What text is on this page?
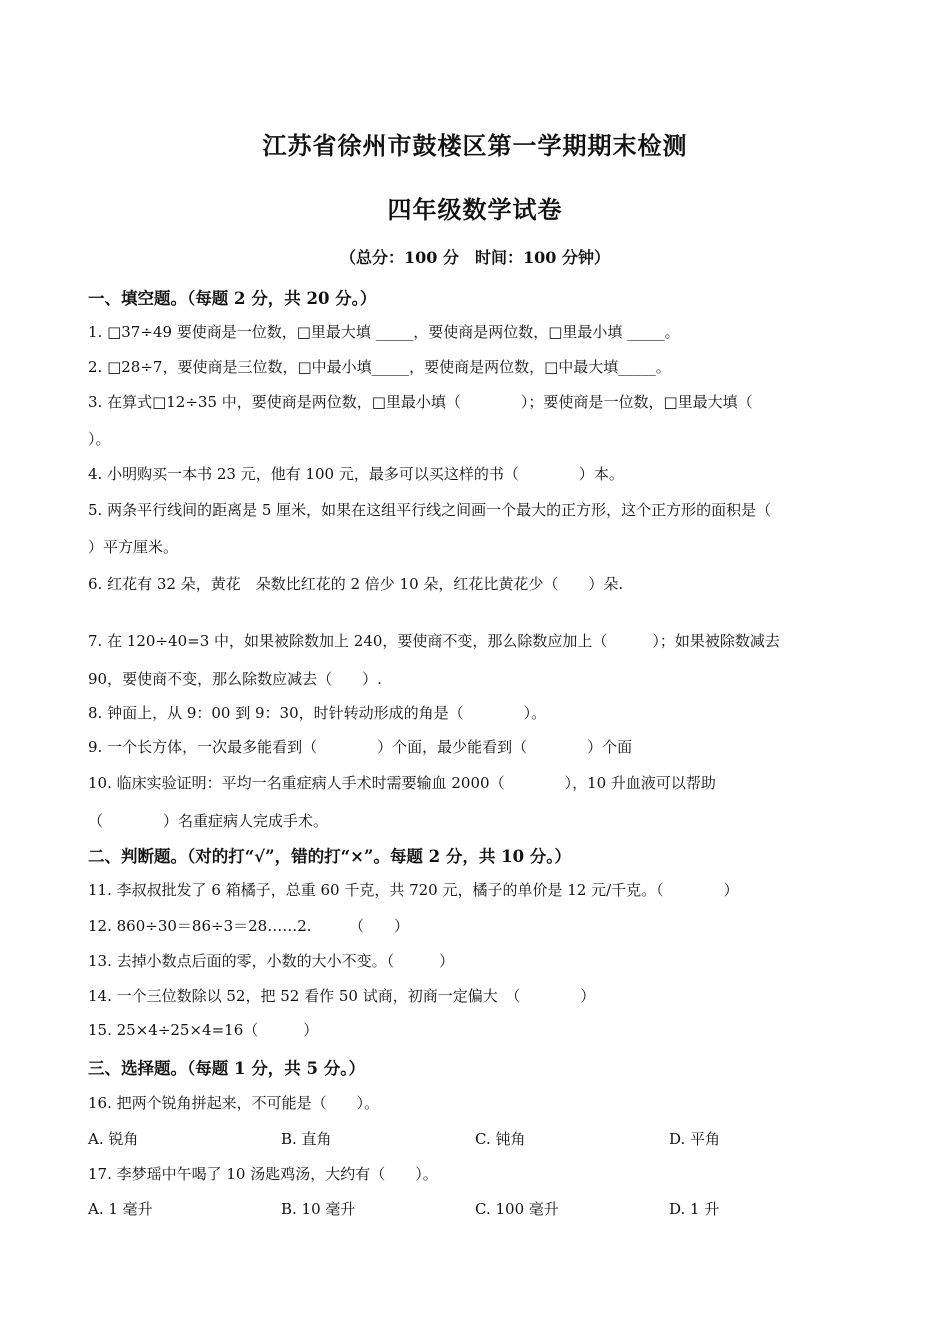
江苏省徐州市鼓楼区第一学期期末检测
四年级数学试卷
（总分：100 分　时间：100 分钟）
一、填空题。（每题 2 分，共 20 分。）
1. □37÷49 要使商是一位数，□里最大填 _____，要使商是两位数，□里最小填 _____。
2. □28÷7，要使商是三位数，□中最小填_____，要使商是两位数，□中最大填_____。
3. 在算式□12÷35 中，要使商是两位数，□里最小填（　　　　）；要使商是一位数，□里最大填（
）。
4. 小明购买一本书 23 元，他有 100 元，最多可以买这样的书（　　　　）本。
5. 两条平行线间的距离是 5 厘米，如果在这组平行线之间画一个最大的正方形，这个正方形的面积是（
）平方厘米。
6. 红花有 32 朵，黄花　朵数比红花的 2 倍少 10 朵，红花比黄花少（　　）朵.
7. 在 120÷40=3 中，如果被除数加上 240，要使商不变，那么除数应加上（　　　）；如果被除数减去
90，要使商不变，那么除数应减去（　　）.
8. 钟面上，从 9：00 到 9：30，时针转动形成的角是（　　　　）。
9. 一个长方体，一次最多能看到（　　　　）个面，最少能看到（　　　　）个面
10. 临床实验证明：平均一名重症病人手术时需要输血 2000（　　　　），10 升血液可以帮助
（　　　　）名重症病人完成手术。
二、判断题。（对的打“√”，错的打“×”。每题 2 分，共 10 分。）
11. 李叔叔批发了 6 箱橘子，总重 60 千克，共 720 元，橘子的单价是 12 元/千克。（　　　　）
12. 860÷30＝86÷3＝28……2.　　　（　　）
13. 去掉小数点后面的零，小数的大小不变。（　　　）
14. 一个三位数除以 52，把 52 看作 50 试商，初商一定偏大　（　　　　）
15. 25×4÷25×4=16（　　　）
三、选择题。（每题 1 分，共 5 分。）
16. 把两个锐角拼起来，不可能是（　　）。
A. 锐角	B. 直角	C. 钝角	D. 平角
17. 李梦瑶中午喝了 10 汤匙鸡汤，大约有（　　）。
A. 1 毫升	B. 10 毫升	C. 100 毫升	D. 1 升
